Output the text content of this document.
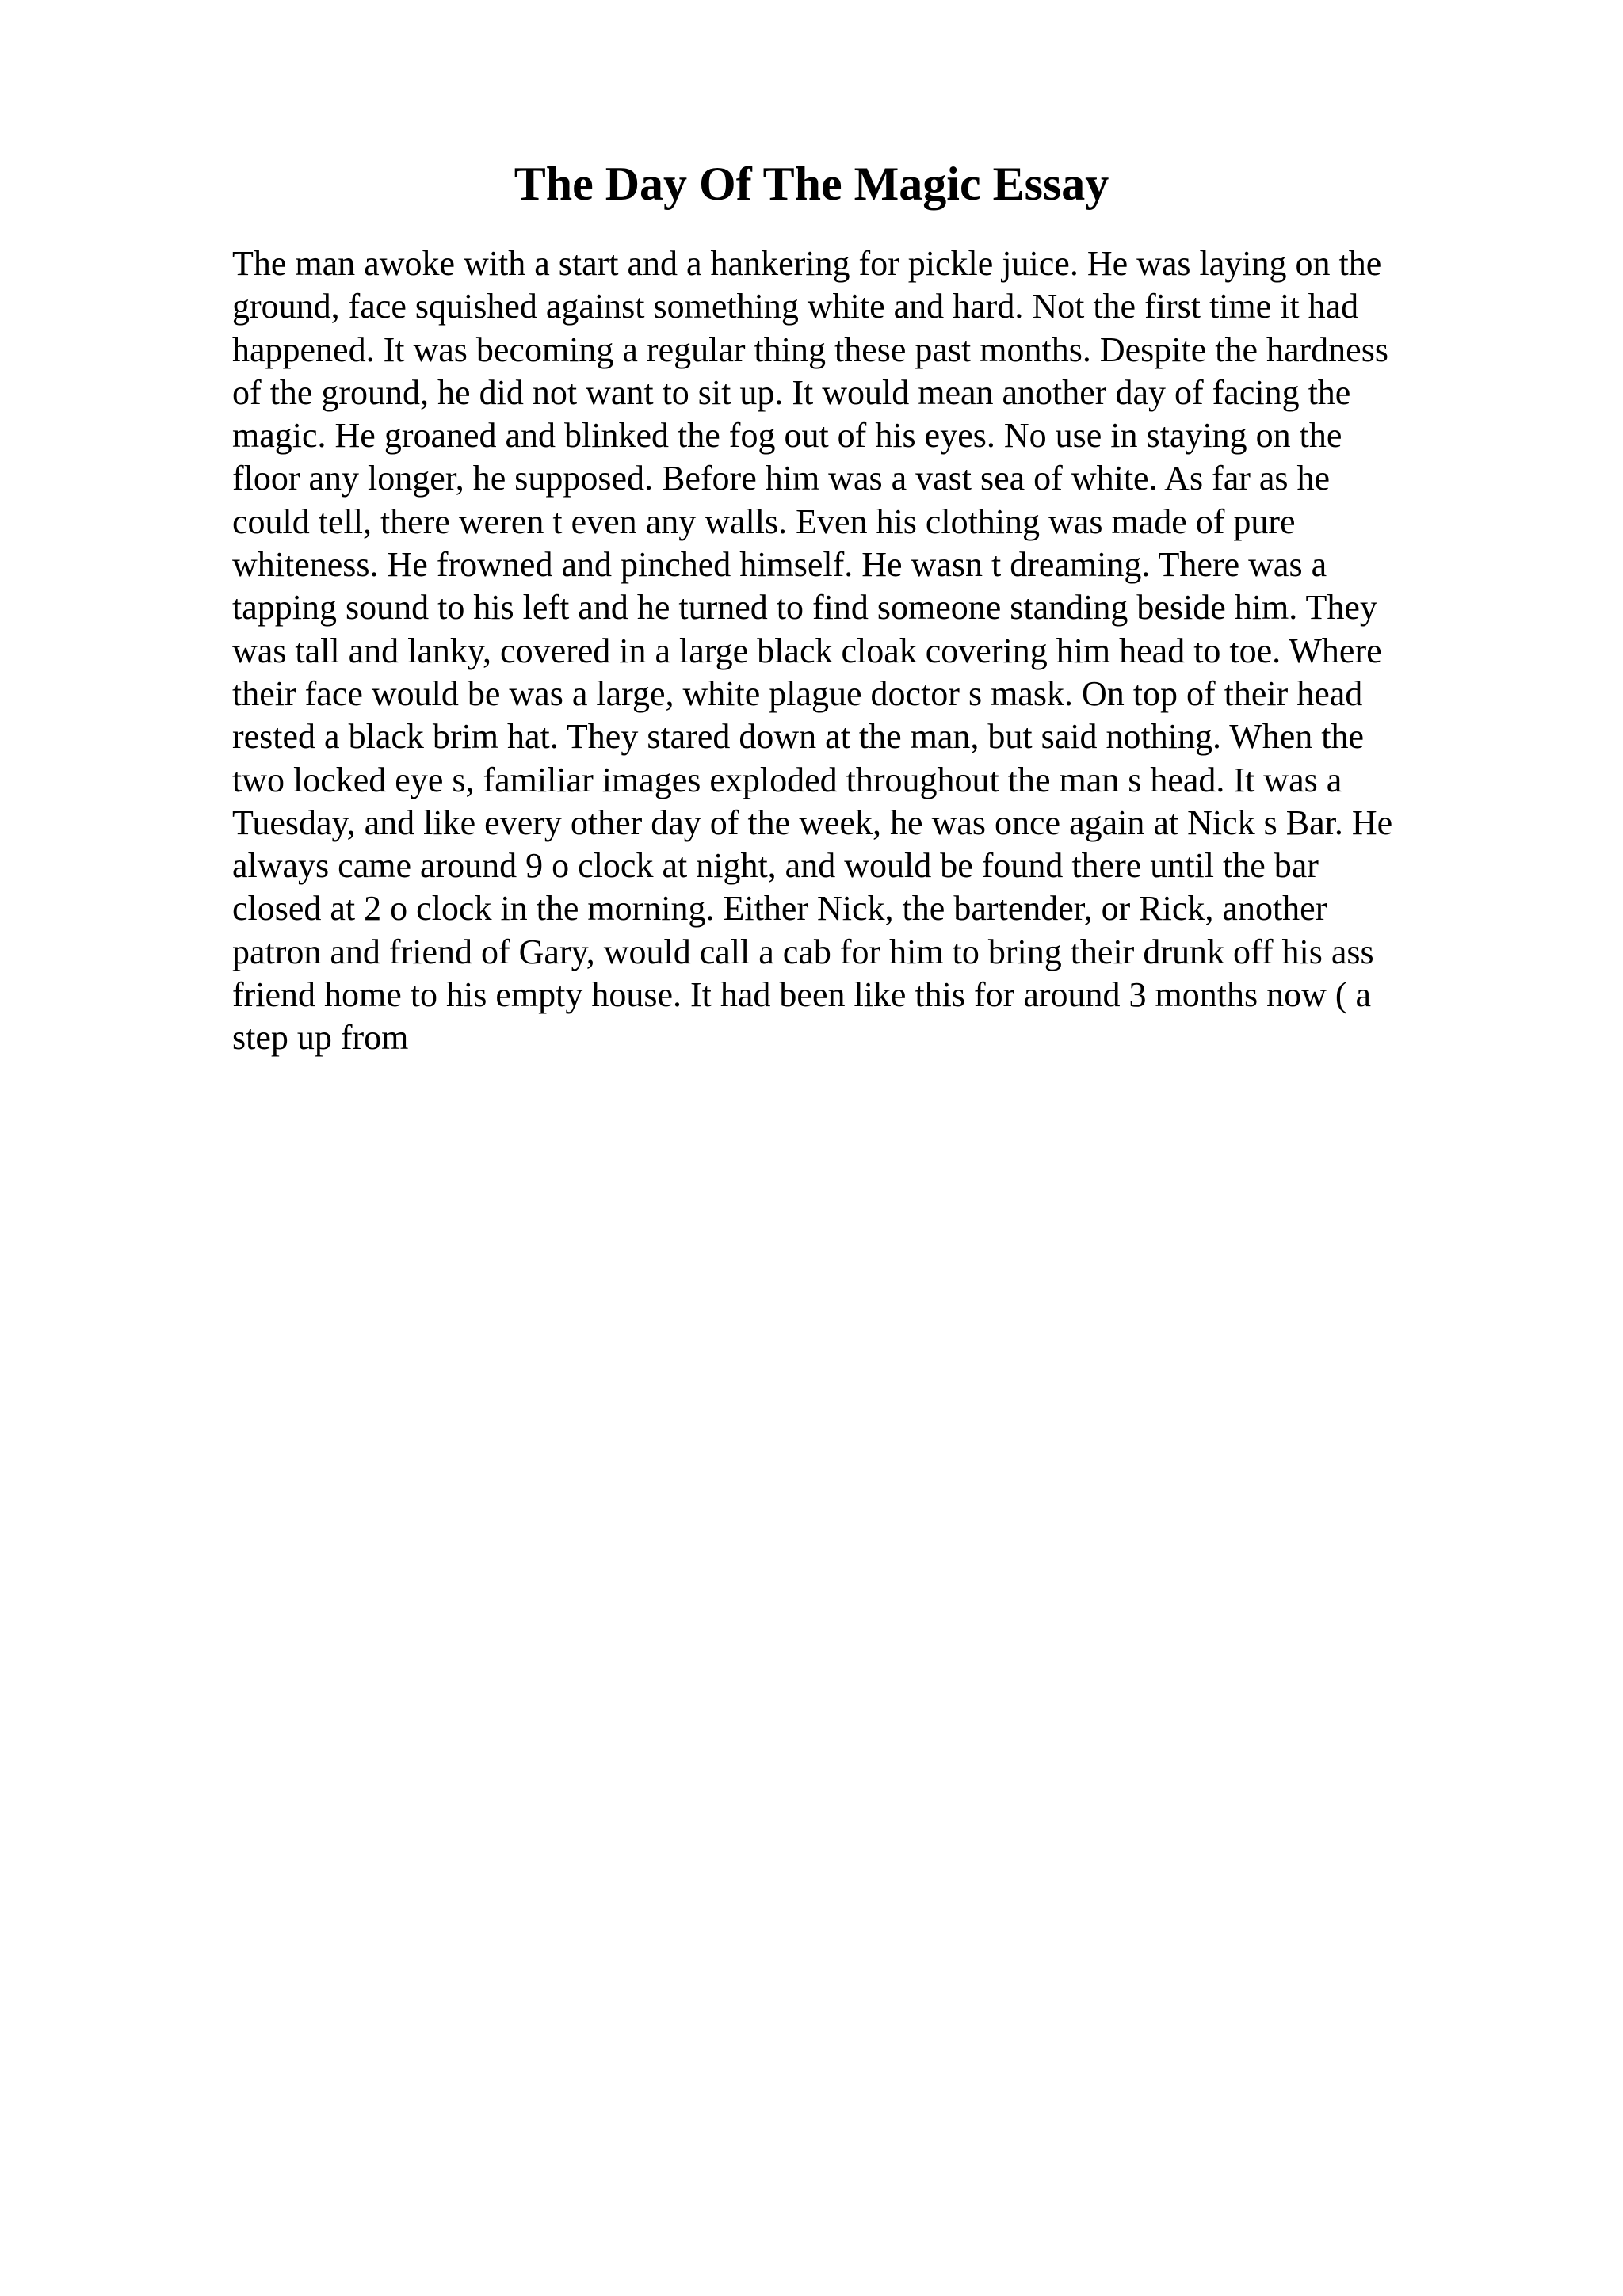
The Day Of The Magic Essay
The man awoke with a start and a hankering for pickle juice. He was laying on the
ground, face squished against something white and hard. Not the first time it had
happened. It was becoming a regular thing these past months. Despite the hardness
of the ground, he did not want to sit up. It would mean another day of facing the
magic. He groaned and blinked the fog out of his eyes. No use in staying on the
floor any longer, he supposed. Before him was a vast sea of white. As far as he
could tell, there weren t even any walls. Even his clothing was made of pure
whiteness. He frowned and pinched himself. He wasn t dreaming. There was a
tapping sound to his left and he turned to find someone standing beside him. They
was tall and lanky, covered in a large black cloak covering him head to toe. Where
their face would be was a large, white plague doctor s mask. On top of their head
rested a black brim hat. They stared down at the man, but said nothing. When the
two locked eye s, familiar images exploded throughout the man s head. It was a
Tuesday, and like every other day of the week, he was once again at Nick s Bar. He
always came around 9 o clock at night, and would be found there until the bar
closed at 2 o clock in the morning. Either Nick, the bartender, or Rick, another
patron and friend of Gary, would call a cab for him to bring their drunk off his ass
friend home to his empty house. It had been like this for around 3 months now ( a
step up from
